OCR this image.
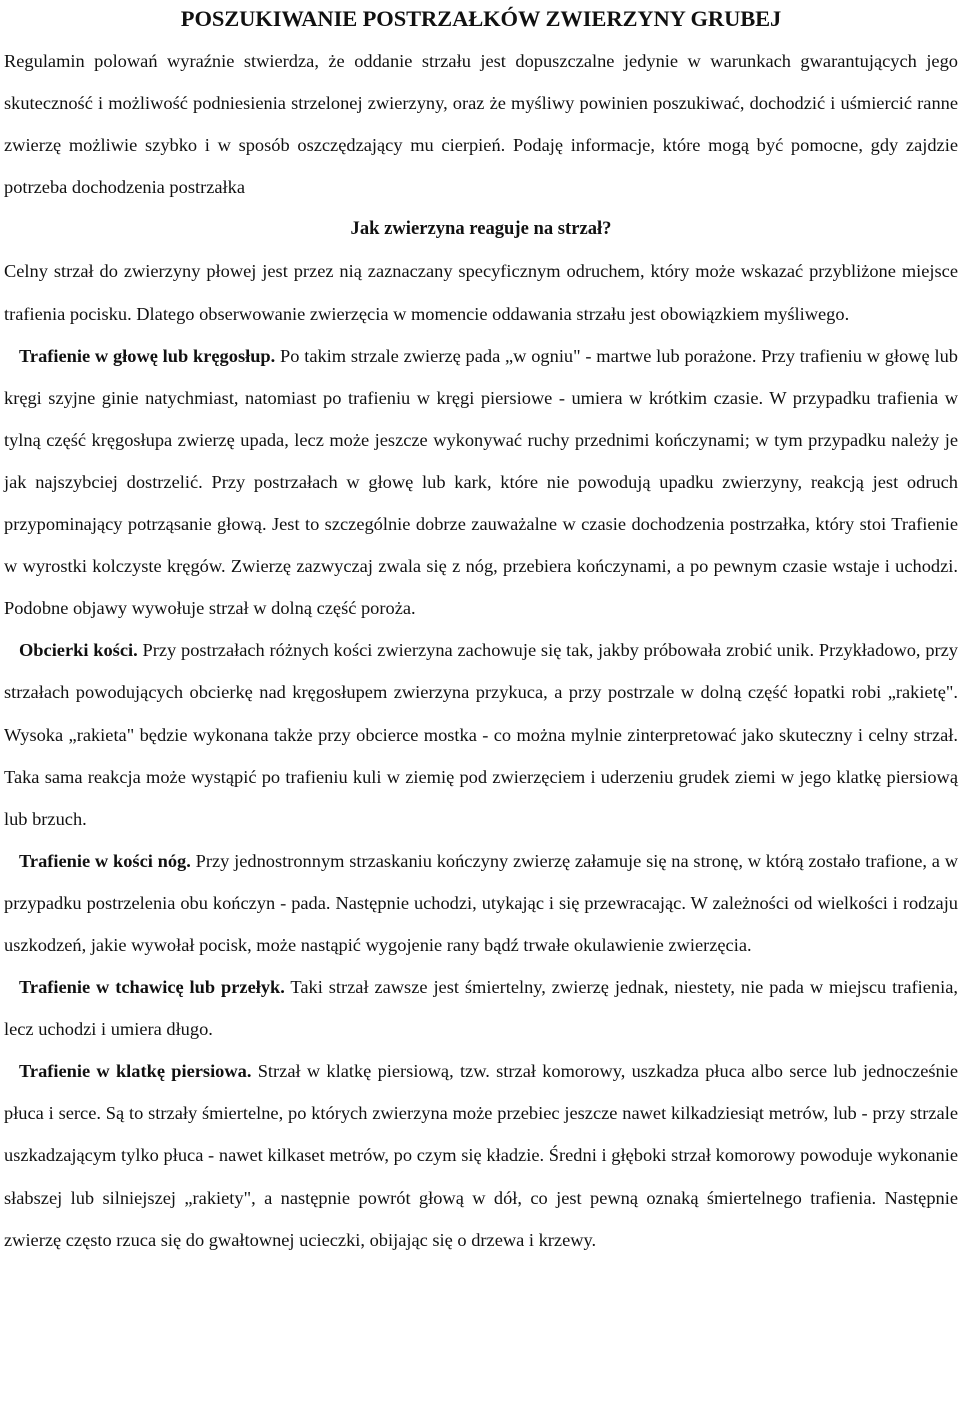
POSZUKIWANIE POSTRZAŁKÓW ZWIERZYNY GRUBEJ

Regulamin polowań wyraźnie stwierdza, że oddanie strzału jest dopuszczalne jedynie w warunkach gwarantujących jego skuteczność i możliwość podniesienia strzelonej zwierzyny, oraz że myśliwy powinien poszukiwać, dochodzić i uśmiercić ranne zwierzę możliwie szybko i w sposób oszczędzający mu cierpień. Podaję informacje, które mogą być pomocne, gdy zajdzie potrzeba dochodzenia postrzałka

Jak zwierzyna reaguje na strzał?

Celny strzał do zwierzyny płowej jest przez nią zaznaczany specyficznym odruchem, który może wskazać przybliżone miejsce trafienia pocisku. Dlatego obserwowanie zwierzęcia w momencie oddawania strzału jest obowiązkiem myśliwego.

Trafienie w głowę lub kręgosłup. Po takim strzale zwierzę pada „w ogniu" - martwe lub porażone. Przy trafieniu w głowę lub kręgi szyjne ginie natychmiast, natomiast po trafieniu w kręgi piersiowe - umiera w krótkim czasie. W przypadku trafienia w tylną część kręgosłupa zwierzę upada, lecz może jeszcze wykonywać ruchy przednimi kończynami; w tym przypadku należy je jak najszybciej dostrzelić. Przy postrzałach w głowę lub kark, które nie powodują upadku zwierzyny, reakcją jest odruch przypominający potrząsanie głową. Jest to szczególnie dobrze zauważalne w czasie dochodzenia postrzałka, który stoi Trafienie w wyrostki kolczyste kręgów. Zwierzę zazwyczaj zwala się z nóg, przebiera kończynami, a po pewnym czasie wstaje i uchodzi. Podobne objawy wywołuje strzał w dolną część poroża.

Obcierki kości. Przy postrzałach różnych kości zwierzyna zachowuje się tak, jakby próbowała zrobić unik. Przykładowo, przy strzałach powodujących obcierkę nad kręgosłupem zwierzyna przykuca, a przy postrzale w dolną część łopatki robi „rakietę". Wysoka „rakieta" będzie wykonana także przy obcierce mostka - co można mylnie zinterpretować jako skuteczny i celny strzał. Taka sama reakcja może wystąpić po trafieniu kuli w ziemię pod zwierzęciem i uderzeniu grudek ziemi w jego klatkę piersiową lub brzuch.

Trafienie w kości nóg. Przy jednostronnym strzaskaniu kończyny zwierzę załamuje się na stronę, w którą zostało trafione, a w przypadku postrzelenia obu kończyn - pada. Następnie uchodzi, utykając i się przewracając. W zależności od wielkości i rodzaju uszkodzeń, jakie wywołał pocisk, może nastąpić wygojenie rany bądź trwałe okulawienie zwierzęcia.

Trafienie w tchawicę lub przełyk. Taki strzał zawsze jest śmiertelny, zwierzę jednak, niestety, nie pada w miejscu trafienia, lecz uchodzi i umiera długo.

Trafienie w klatkę piersiowa. Strzał w klatkę piersiową, tzw. strzał komorowy, uszkadza płuca albo serce lub jednocześnie płuca i serce. Są to strzały śmiertelne, po których zwierzyna może przebiec jeszcze nawet kilkadziesiąt metrów, lub - przy strzale uszkadzającym tylko płuca - nawet kilkaset metrów, po czym się kładzie. Średni i głęboki strzał komorowy powoduje wykonanie słabszej lub silniejszej „rakiety", a następnie powrót głową w dół, co jest pewną oznaką śmiertelnego trafienia. Następnie zwierzę często rzuca się do gwałtownej ucieczki, obijając się o drzewa i krzewy.
